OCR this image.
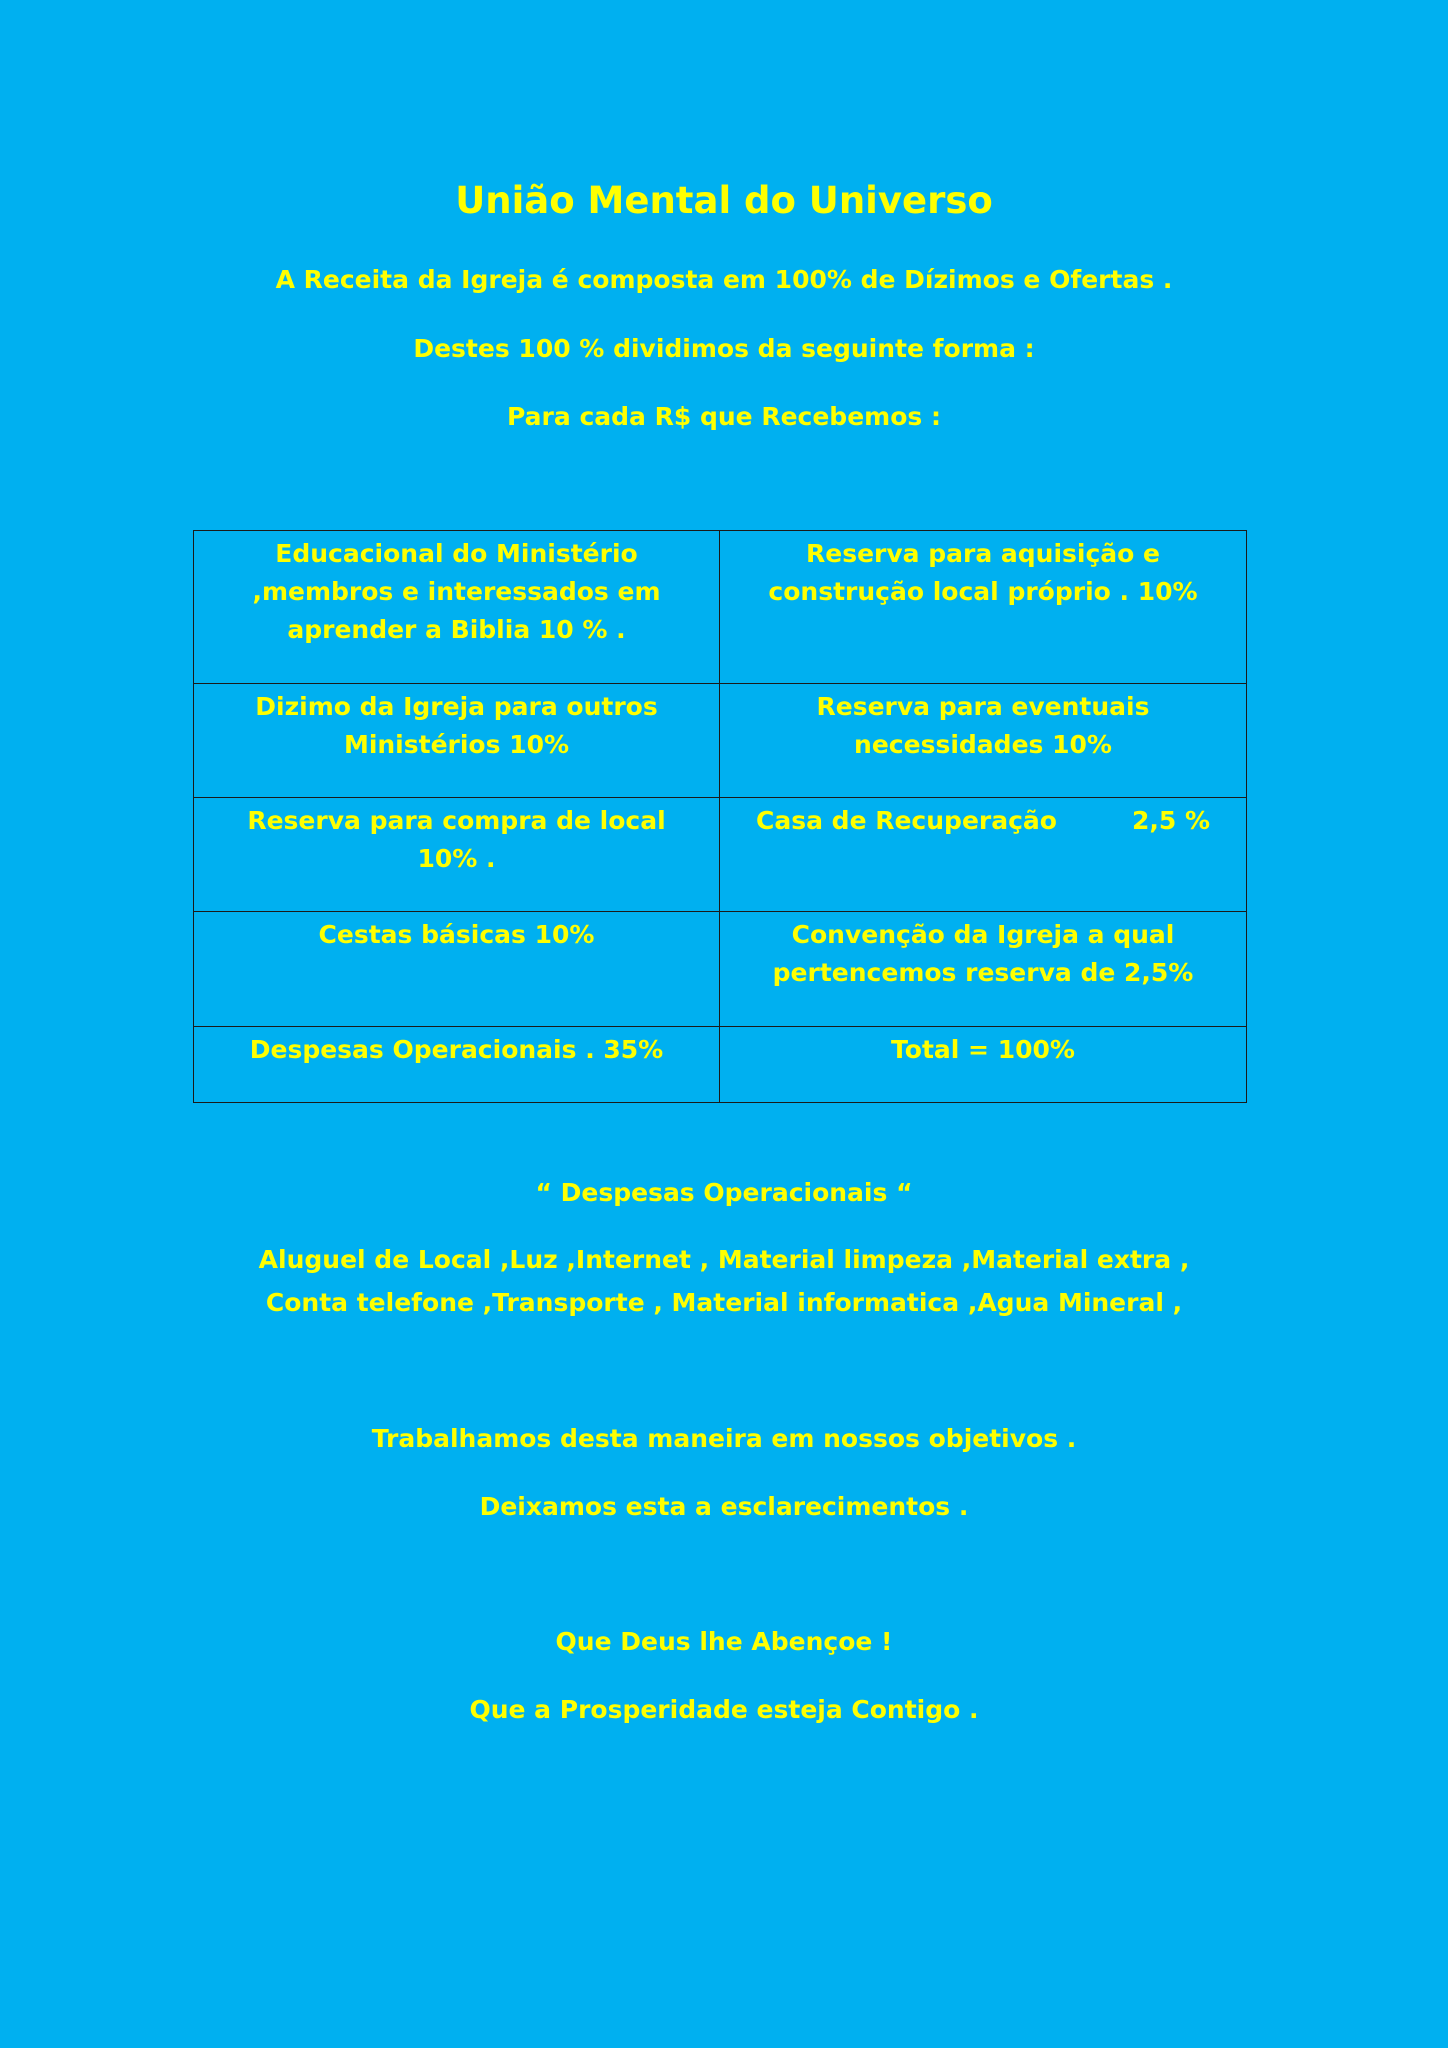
União Mental do Universo
A Receita da Igreja é composta em 100% de Dízimos e Ofertas .
Destes 100 % dividimos da seguinte forma :
Para cada R$ que Recebemos :
Educacional do Ministério ,membros e interessados em aprender a Biblia 10 % .	Reserva para aquisição e construção local próprio . 10%
Dizimo da Igreja para outros Ministérios 10%	Reserva para eventuais necessidades 10%
Reserva para compra de local 10% .	Casa de Recuperação 2,5 %

Cestas básicas 10%	Convenção da Igreja a qual pertencemos reserva de 2,5%
Despesas Operacionais . 35%	Total = 100%
“ Despesas Operacionais “
Aluguel de Local ,Luz ,Internet , Material limpeza ,Material extra ,
Conta telefone ,Transporte , Material informatica ,Agua Mineral ,
Trabalhamos desta maneira em nossos objetivos .
Deixamos esta a esclarecimentos .
Que Deus lhe Abençoe !
Que a Prosperidade esteja Contigo .
